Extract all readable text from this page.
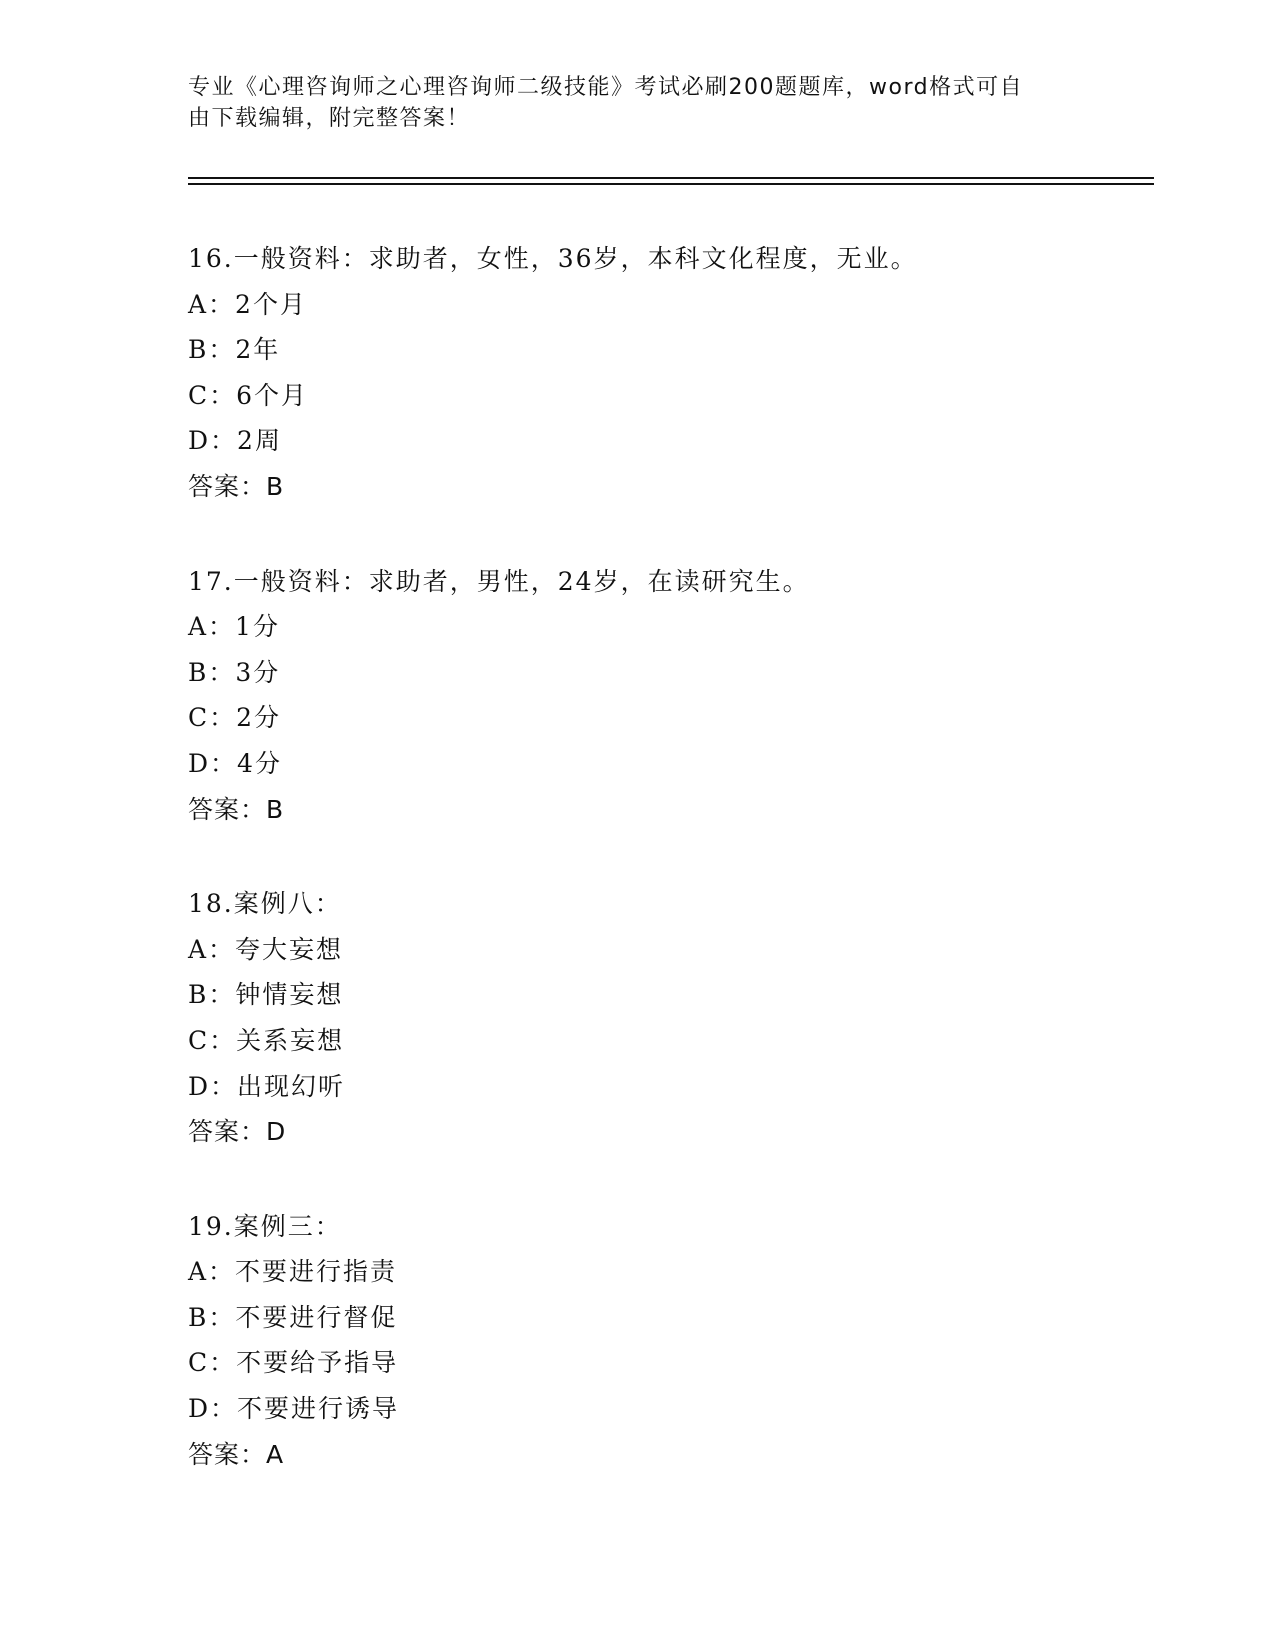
专业《心理咨询师之心理咨询师二级技能》考试必刷200题题库，word格式可自

由下载编辑，附完整答案！

16.一般资料：求助者，女性，36岁，本科文化程度，无业。
A：2个月
B：2年
C：6个月
D：2周
答案：B
17.一般资料：求助者，男性，24岁，在读研究生。
A：1分
B：3分
C：2分
D：4分
答案：B
18.案例八：
A：夸大妄想
B：钟情妄想
C：关系妄想
D：出现幻听
答案：D
19.案例三：
A：不要进行指责
B：不要进行督促
C：不要给予指导
D：不要进行诱导
答案：A
